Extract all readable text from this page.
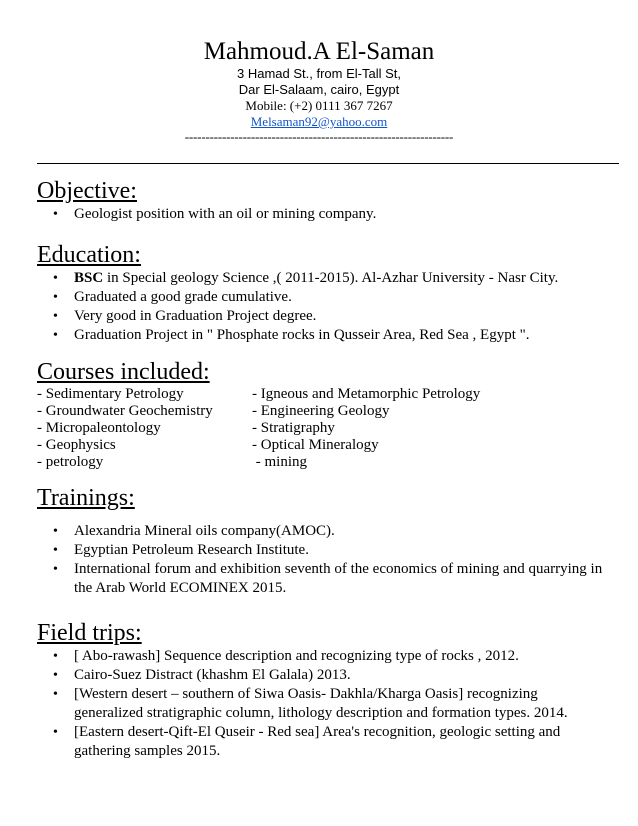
Mahmoud.A El-Saman
3 Hamad St., from El-Tall St,
Dar El-Salaam, cairo, Egypt
Mobile: (+2) 0111 367 7267
Melsaman92@yahoo.com
-----------------------------------------------------------------
Objective:
• Geologist position with an oil or mining company.
Education:
• BSC in Special geology Science ,( 2011-2015). Al-Azhar University - Nasr City.
• Graduated a good grade cumulative.
• Very good in Graduation Project degree.
• Graduation Project in " Phosphate rocks in Qusseir Area, Red Sea , Egypt ".
Courses included:
- Sedimentary Petrology	- Igneous and Metamorphic Petrology
- Groundwater Geochemistry	- Engineering Geology
- Micropaleontology	- Stratigraphy
- Geophysics	- Optical Mineralogy
- petrology	- mining
Trainings:
• Alexandria Mineral oils company(AMOC).
• Egyptian Petroleum Research Institute.
• International forum and exhibition seventh of the economics of mining and quarrying in the Arab World ECOMINEX 2015.
Field trips:
• [ Abo-rawash] Sequence description and recognizing type of rocks , 2012.
• Cairo-Suez Distract (khashm El Galala) 2013.
• [Western desert – southern of Siwa Oasis- Dakhla/Kharga Oasis] recognizing generalized stratigraphic column, lithology description and formation types. 2014.
• [Eastern desert-Qift-El Quseir - Red sea] Area's recognition, geologic setting and gathering samples 2015.
